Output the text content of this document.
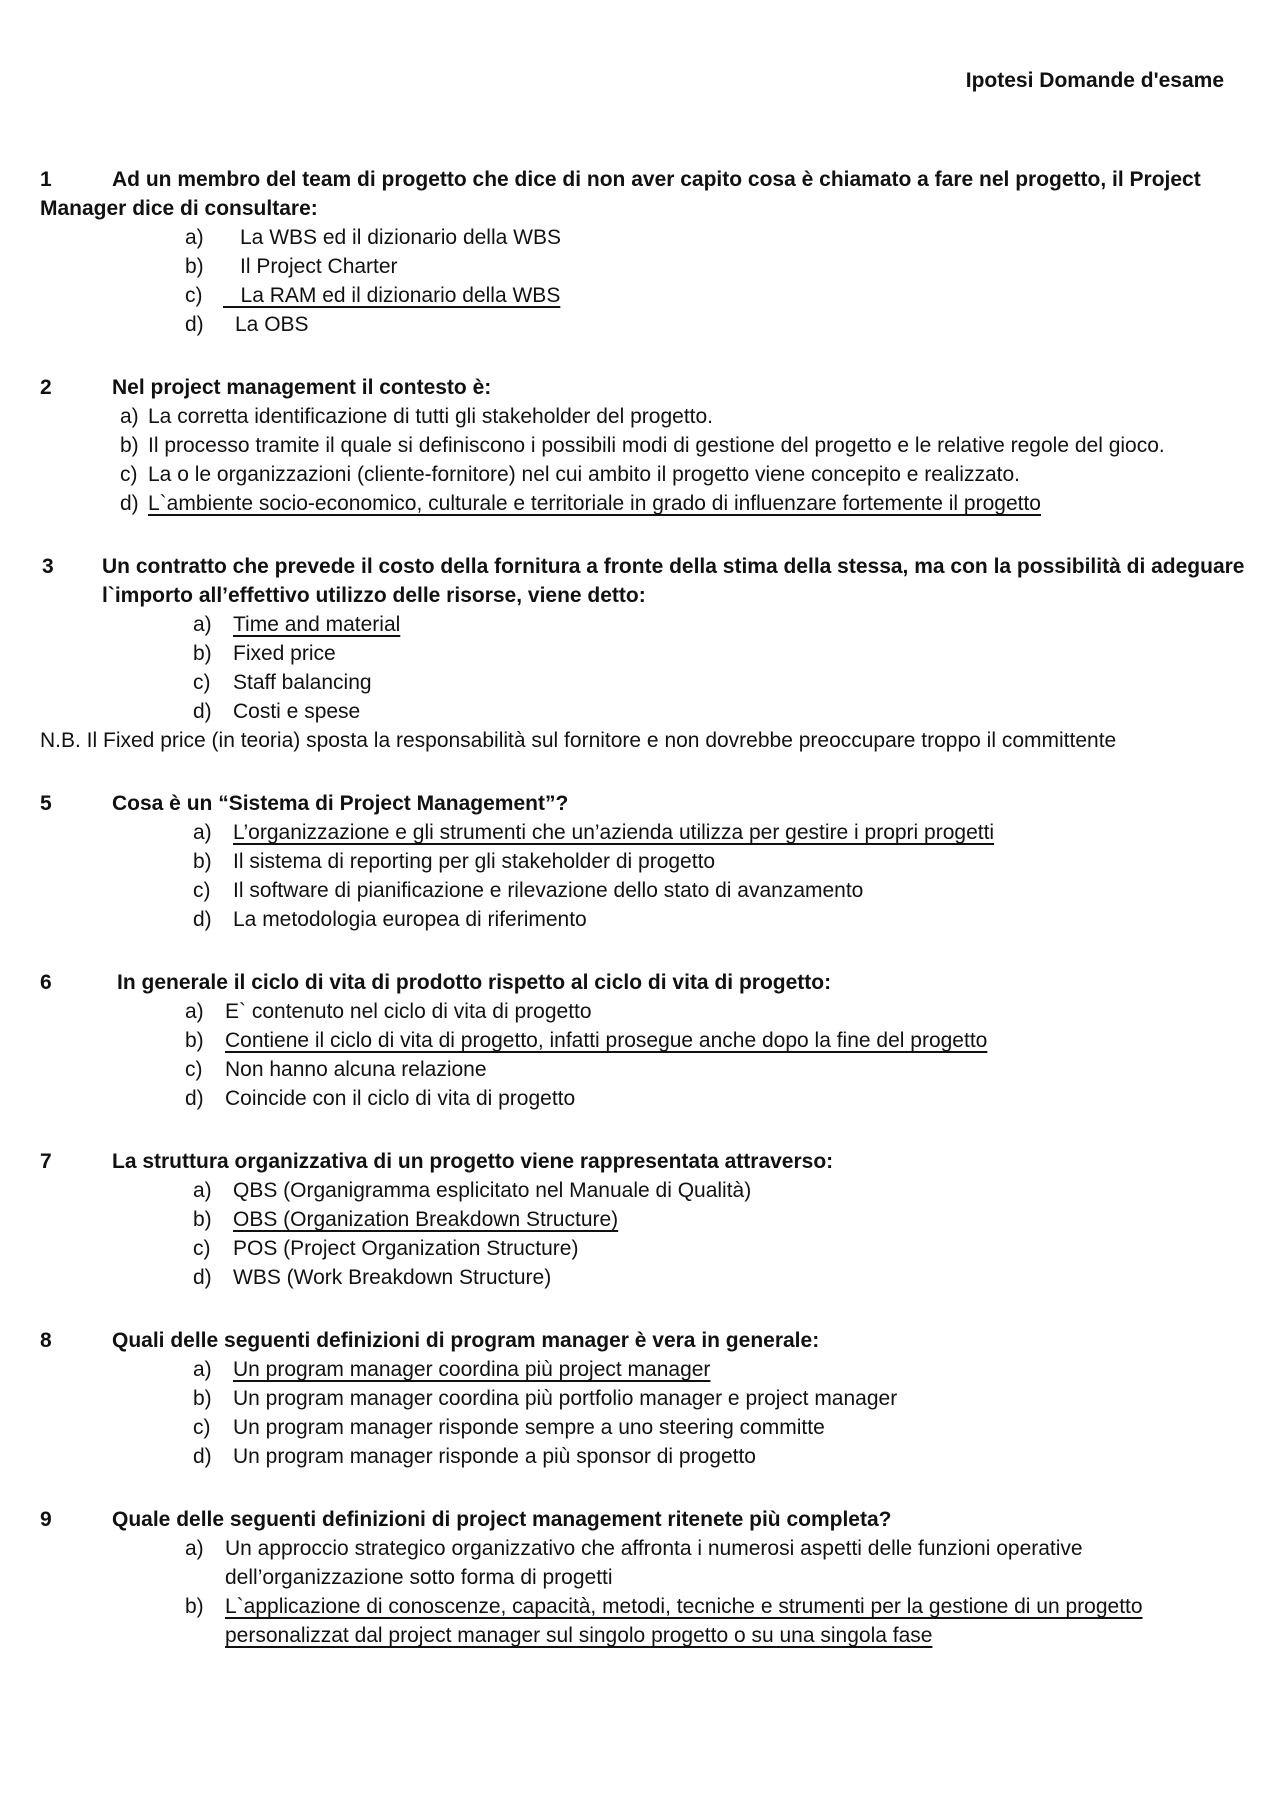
Ipotesi Domande d'esame
1	Ad un membro del team di progetto che dice di non aver capito cosa è chiamato a fare nel progetto, il Project Manager dice di consultare:
a) La WBS ed il dizionario della WBS
b) Il Project Charter
c) La RAM ed il dizionario della WBS
d) La OBS
2	Nel project management il contesto è:
a) La corretta identificazione di tutti gli stakeholder del progetto.
b) Il processo tramite il quale si definiscono i possibili modi di gestione del progetto e le relative regole del gioco.
c) La o le organizzazioni (cliente-fornitore) nel cui ambito il progetto viene concepito e realizzato.
d) L`ambiente socio-economico, culturale e territoriale in grado di influenzare fortemente il progetto
3	Un contratto che prevede il costo della fornitura a fronte della stima della stessa, ma con la possibilità di adeguare l`importo all’effettivo utilizzo delle risorse, viene detto:
a) Time and material
b) Fixed price
c) Staff balancing
d) Costi e spese
N.B. Il Fixed price (in teoria) sposta la responsabilità sul fornitore e non dovrebbe preoccupare troppo il committente
5	Cosa è un “Sistema di Project Management”?
a) L’organizzazione e gli strumenti che un’azienda utilizza per gestire i propri progetti
b) Il sistema di reporting per gli stakeholder di progetto
c) Il software di pianificazione e rilevazione dello stato di avanzamento
d) La metodologia europea di riferimento
6	In generale il ciclo di vita di prodotto rispetto al ciclo di vita di progetto:
a) E` contenuto nel ciclo di vita di progetto
b) Contiene il ciclo di vita di progetto, infatti prosegue anche dopo la fine del progetto
c) Non hanno alcuna relazione
d) Coincide con il ciclo di vita di progetto
7	La struttura organizzativa di un progetto viene rappresentata attraverso:
a) QBS (Organigramma esplicitato nel Manuale di Qualità)
b) OBS (Organization Breakdown Structure)
c) POS (Project Organization Structure)
d) WBS (Work Breakdown Structure)
8	Quali delle seguenti definizioni di program manager è vera in generale:
a) Un program manager coordina più project manager
b) Un program manager coordina più portfolio manager e project manager
c) Un program manager risponde sempre a uno steering committe
d) Un program manager risponde a più sponsor di progetto
9	Quale delle seguenti definizioni di project management ritenete più completa?
a) Un approccio strategico organizzativo che affronta i numerosi aspetti delle funzioni operative dell’organizzazione sotto forma di progetti
b) L`applicazione di conoscenze, capacità, metodi, tecniche e strumenti per la gestione di un progetto personalizzat dal project manager sul singolo progetto o su una singola fase
